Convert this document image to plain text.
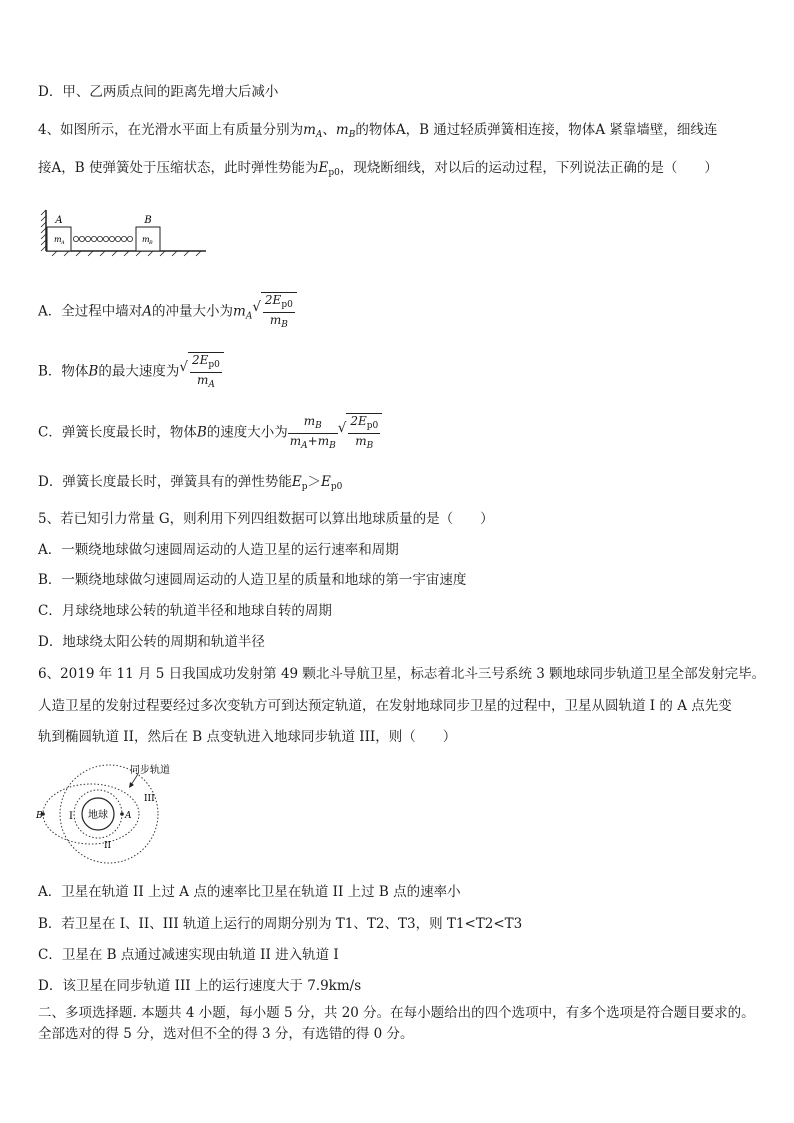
D．甲、乙两质点间的距离先增大后减小
4、如图所示，在光滑水平面上有质量分别为$m_A$、$m_B$的物体A，B 通过轻质弹簧相连接，物体A 紧靠墙壁，细线连
接A，B 使弹簧处于压缩状态，此时弹性势能为$E_{p0}$，现烧断细线，对以后的运动过程，下列说法正确的是（　　）
A
m A
B
m B
A．全过程中墙对A的冲量大小为$m_A$
√ $\frac{2E_{p0}}{m_B}$
B．物体B的最大速度为 √ $\frac{2E_{p0}}{m_A}$
C．弹簧长度最长时，物体B的速度大小为 $\frac{m_B}{m_A+m_B}$ √ $\frac{2E_{p0}}{m_B}$
D．弹簧长度最长时，弹簧具有的弹性势能$E_p>E_{p0}$
5、若已知引力常量 G，则利用下列四组数据可以算出地球质量的是（　　）
A．一颗绕地球做匀速圆周运动的人造卫星的运行速率和周期
B．一颗绕地球做匀速圆周运动的人造卫星的质量和地球的第一宇宙速度
C．月球绕地球公转的轨道半径和地球自转的周期
D．地球绕太阳公转的周期和轨道半径
6、2019 年 11 月 5 日我国成功发射第 49 颗北斗导航卫星，标志着北斗三号系统 3 颗地球同步轨道卫星全部发射完毕。
人造卫星的发射过程要经过多次变轨方可到达预定轨道，在发射地球同步卫星的过程中，卫星从圆轨道 I 的 A 点先变
轨到椭圆轨道 II，然后在 B 点变轨进入地球同步轨道 III，则（　　）
地球 A
B	I
II
III
同步轨道
A．卫星在轨道 II 上过 A 点的速率比卫星在轨道 II 上过 B 点的速率小
B．若卫星在 I、II、III 轨道上运行的周期分别为 T1、T2、T3，则 T1<T2<T3
C．卫星在 B 点通过减速实现由轨道 II 进入轨道 I
D．该卫星在同步轨道 III 上的运行速度大于 7.9km/s
二、多项选择题. 本题共 4 小题，每小题 5 分，共 20 分。在每小题给出的四个选项中，有多个选项是符合题目要求的。
全部选对的得 5 分，选对但不全的得 3 分，有选错的得 0 分。
